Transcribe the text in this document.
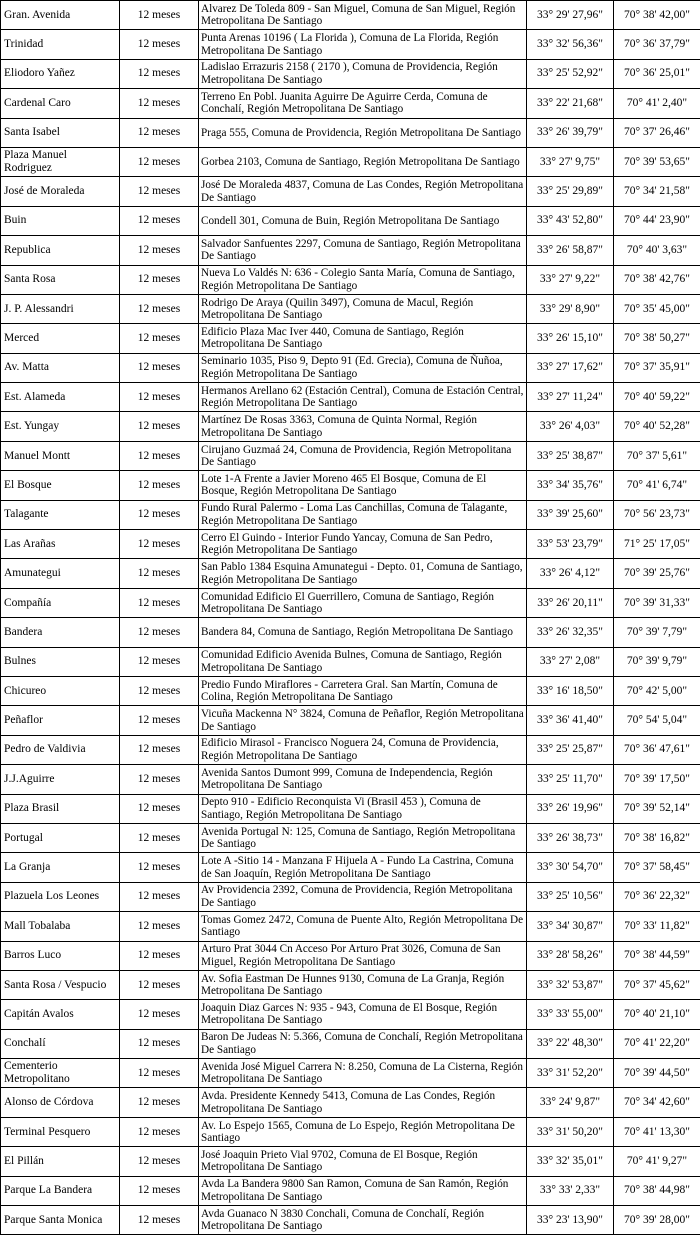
Gran. Avenida	12 meses	Alvarez De Toleda 809 - San Miguel, Comuna de San Miguel, Región Metropolitana De Santiago	33° 29' 27,96"	70° 38' 42,00"
Trinidad	12 meses	Punta Arenas 10196 ( La Florida ), Comuna de La Florida, Región Metropolitana De Santiago	33° 32' 56,36"	70° 36' 37,79"
Eliodoro Yañez	12 meses	Ladislao Errazuris 2158 ( 2170 ), Comuna de Providencia, Región Metropolitana De Santiago	33° 25' 52,92"	70° 36' 25,01"
Cardenal Caro	12 meses	Terreno En Pobl. Juanita Aguirre De Aguirre Cerda, Comuna de Conchalí, Región Metropolitana De Santiago	33° 22' 21,68"	70° 41' 2,40"
Santa Isabel	12 meses	Praga 555, Comuna de Providencia, Región Metropolitana De Santiago	33° 26' 39,79"	70° 37' 26,46"
Plaza Manuel Rodriguez	12 meses	Gorbea 2103, Comuna de Santiago, Región Metropolitana De Santiago	33° 27' 9,75"	70° 39' 53,65"
José de Moraleda	12 meses	José De Moraleda 4837, Comuna de Las Condes, Región Metropolitana De Santiago	33° 25' 29,89"	70° 34' 21,58"
Buin	12 meses	Condell 301, Comuna de Buin, Región Metropolitana De Santiago	33° 43' 52,80"	70° 44' 23,90"
Republica	12 meses	Salvador Sanfuentes 2297, Comuna de Santiago, Región Metropolitana De Santiago	33° 26' 58,87"	70° 40' 3,63"
Santa Rosa	12 meses	Nueva Lo Valdés N: 636 - Colegio Santa María, Comuna de Santiago, Región Metropolitana De Santiago	33° 27' 9,22"	70° 38' 42,76"
J. P. Alessandri	12 meses	Rodrigo De Araya (Quilin 3497), Comuna de Macul, Región Metropolitana De Santiago	33° 29' 8,90"	70° 35' 45,00"
Merced	12 meses	Edificio Plaza Mac Iver 440, Comuna de Santiago, Región Metropolitana De Santiago	33° 26' 15,10"	70° 38' 50,27"
Av. Matta	12 meses	Seminario 1035, Piso 9, Depto 91 (Ed. Grecia), Comuna de Ñuñoa, Región Metropolitana De Santiago	33° 27' 17,62"	70° 37' 35,91"
Est. Alameda	12 meses	Hermanos Arellano 62 (Estación Central), Comuna de Estación Central, Región Metropolitana De Santiago	33° 27' 11,24"	70° 40' 59,22"
Est. Yungay	12 meses	Martínez De Rosas 3363, Comuna de Quinta Normal, Región Metropolitana De Santiago	33° 26' 4,03"	70° 40' 52,28"
Manuel Montt	12 meses	Cirujano Guzmaá 24, Comuna de Providencia, Región Metropolitana De Santiago	33° 25' 38,87"	70° 37' 5,61"
El Bosque	12 meses	Lote 1-A Frente a Javier Moreno 465 El Bosque, Comuna de El Bosque, Región Metropolitana De Santiago	33° 34' 35,76"	70° 41' 6,74"
Talagante	12 meses	Fundo Rural Palermo - Loma Las Canchillas, Comuna de Talagante, Región Metropolitana De Santiago	33° 39' 25,60"	70° 56' 23,73"
Las Arañas	12 meses	Cerro El Guindo - Interior Fundo Yancay, Comuna de San Pedro, Región Metropolitana De Santiago	33° 53' 23,79"	71° 25' 17,05"
Amunategui	12 meses	San Pablo 1384 Esquina Amunategui - Depto. 01, Comuna de Santiago, Región Metropolitana De Santiago	33° 26' 4,12"	70° 39' 25,76"
Compañía	12 meses	Comunidad Edificio El Guerrillero, Comuna de Santiago, Región Metropolitana De Santiago	33° 26' 20,11"	70° 39' 31,33"
Bandera	12 meses	Bandera 84, Comuna de Santiago, Región Metropolitana De Santiago	33° 26' 32,35"	70° 39' 7,79"
Bulnes	12 meses	Comunidad Edificio Avenida Bulnes, Comuna de Santiago, Región Metropolitana De Santiago	33° 27' 2,08"	70° 39' 9,79"
Chicureo	12 meses	Predio Fundo Miraflores - Carretera Gral. San Martín, Comuna de Colina, Región Metropolitana De Santiago	33° 16' 18,50"	70° 42' 5,00"
Peñaflor	12 meses	Vicuña Mackenna N° 3824, Comuna de Peñaflor, Región Metropolitana De Santiago	33° 36' 41,40"	70° 54' 5,04"
Pedro de Valdivia	12 meses	Edificio Mirasol - Francisco Noguera 24, Comuna de Providencia, Región Metropolitana De Santiago	33° 25' 25,87"	70° 36' 47,61"
J.J.Aguirre	12 meses	Avenida Santos Dumont 999, Comuna de Independencia, Región Metropolitana De Santiago	33° 25' 11,70"	70° 39' 17,50"
Plaza Brasil	12 meses	Depto 910 - Edificio Reconquista Vi (Brasil 453 ), Comuna de Santiago, Región Metropolitana De Santiago	33° 26' 19,96"	70° 39' 52,14"
Portugal	12 meses	Avenida Portugal N: 125, Comuna de Santiago, Región Metropolitana De Santiago	33° 26' 38,73"	70° 38' 16,82"
La Granja	12 meses	Lote A -Sitio 14 - Manzana F Hijuela A - Fundo La Castrina, Comuna de San Joaquín, Región Metropolitana De Santiago	33° 30' 54,70"	70° 37' 58,45"
Plazuela Los Leones	12 meses	Av Providencia 2392, Comuna de Providencia, Región Metropolitana De Santiago	33° 25' 10,56"	70° 36' 22,32"
Mall Tobalaba	12 meses	Tomas Gomez 2472, Comuna de Puente Alto, Región Metropolitana De Santiago	33° 34' 30,87"	70° 33' 11,82"
Barros Luco	12 meses	Arturo Prat 3044 Cn Acceso Por Arturo Prat 3026, Comuna de San Miguel, Región Metropolitana De Santiago	33° 28' 58,26"	70° 38' 44,59"
Santa Rosa / Vespucio	12 meses	Av. Sofia Eastman De Hunnes 9130, Comuna de La Granja, Región Metropolitana De Santiago	33° 32' 53,87"	70° 37' 45,62"
Capitán Avalos	12 meses	Joaquin Diaz Garces N: 935 - 943, Comuna de El Bosque, Región Metropolitana De Santiago	33° 33' 55,00"	70° 40' 21,10"
Conchalí	12 meses	Baron De Judeas N: 5.366, Comuna de Conchalí, Región Metropolitana De Santiago	33° 22' 48,30"	70° 41' 22,20"
Cementerio Metropolitano	12 meses	Avenida José Miguel Carrera N: 8.250, Comuna de La Cisterna, Región Metropolitana De Santiago	33° 31' 52,20"	70° 39' 44,50"
Alonso de Córdova	12 meses	Avda. Presidente Kennedy 5413, Comuna de Las Condes, Región Metropolitana De Santiago	33° 24' 9,87"	70° 34' 42,60"
Terminal Pesquero	12 meses	Av. Lo Espejo 1565, Comuna de Lo Espejo, Región Metropolitana De Santiago	33° 31' 50,20"	70° 41' 13,30"
El Pillán	12 meses	José Joaquin Prieto Vial 9702, Comuna de El Bosque, Región Metropolitana De Santiago	33° 32' 35,01"	70° 41' 9,27"
Parque La Bandera	12 meses	Avda La Bandera 9800 San Ramon, Comuna de San Ramón, Región Metropolitana De Santiago	33° 33' 2,33"	70° 38' 44,98"
Parque Santa Monica	12 meses	Avda Guanaco N 3830 Conchali, Comuna de Conchalí, Región Metropolitana De Santiago	33° 23' 13,90"	70° 39' 28,00"
